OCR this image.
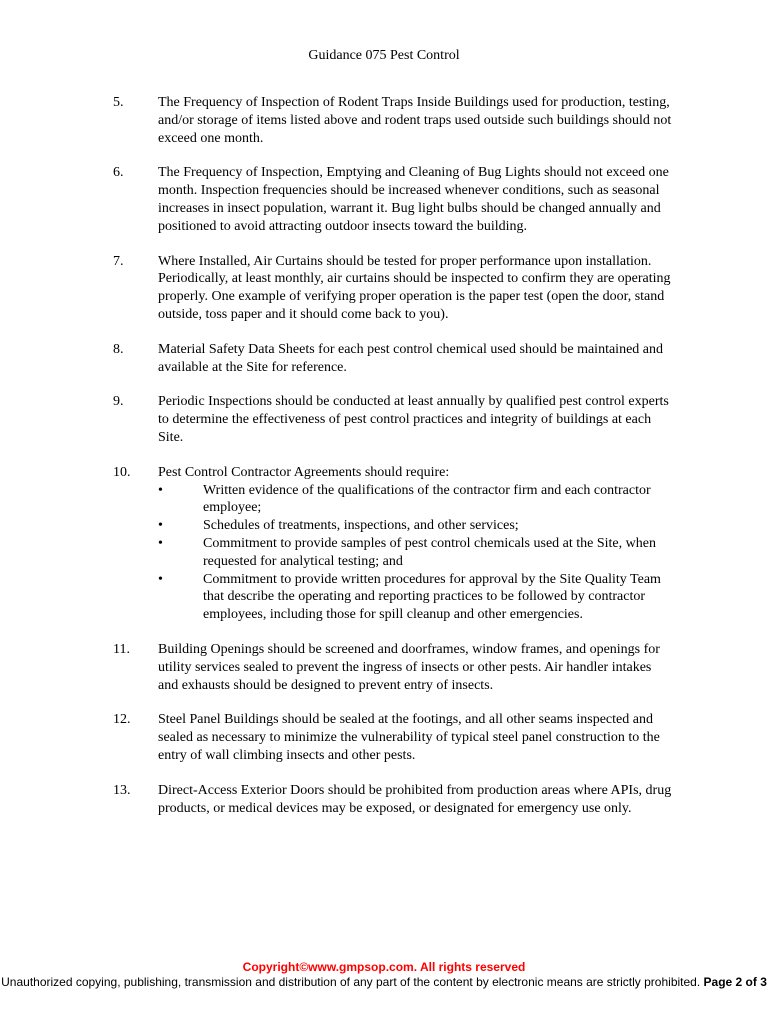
Guidance 075 Pest Control
5.	The Frequency of Inspection of Rodent Traps Inside Buildings used for production, testing, and/or storage of items listed above and rodent traps used outside such buildings should not exceed one month.
6.	The Frequency of Inspection, Emptying and Cleaning of Bug Lights should not exceed one month. Inspection frequencies should be increased whenever conditions, such as seasonal increases in insect population, warrant it. Bug light bulbs should be changed annually and positioned to avoid attracting outdoor insects toward the building.
7.	Where Installed, Air Curtains should be tested for proper performance upon installation. Periodically, at least monthly, air curtains should be inspected to confirm they are operating properly. One example of verifying proper operation is the paper test (open the door, stand outside, toss paper and it should come back to you).
8.	Material Safety Data Sheets for each pest control chemical used should be maintained and available at the Site for reference.
9.	Periodic Inspections should be conducted at least annually by qualified pest control experts to determine the effectiveness of pest control practices and integrity of buildings at each Site.
10.	Pest Control Contractor Agreements should require:
•	Written evidence of the qualifications of the contractor firm and each contractor employee;
•	Schedules of treatments, inspections, and other services;
•	Commitment to provide samples of pest control chemicals used at the Site, when requested for analytical testing; and
•	Commitment to provide written procedures for approval by the Site Quality Team that describe the operating and reporting practices to be followed by contractor employees, including those for spill cleanup and other emergencies.
11.	Building Openings should be screened and doorframes, window frames, and openings for utility services sealed to prevent the ingress of insects or other pests. Air handler intakes and exhausts should be designed to prevent entry of insects.
12.	Steel Panel Buildings should be sealed at the footings, and all other seams inspected and sealed as necessary to minimize the vulnerability of typical steel panel construction to the entry of wall climbing insects and other pests.
13.	Direct-Access Exterior Doors should be prohibited from production areas where APIs, drug products, or medical devices may be exposed, or designated for emergency use only.
Copyright©www.gmpsop.com. All rights reserved
Unauthorized copying, publishing, transmission and distribution of any part of the content by electronic means are strictly prohibited. Page 2 of 3
